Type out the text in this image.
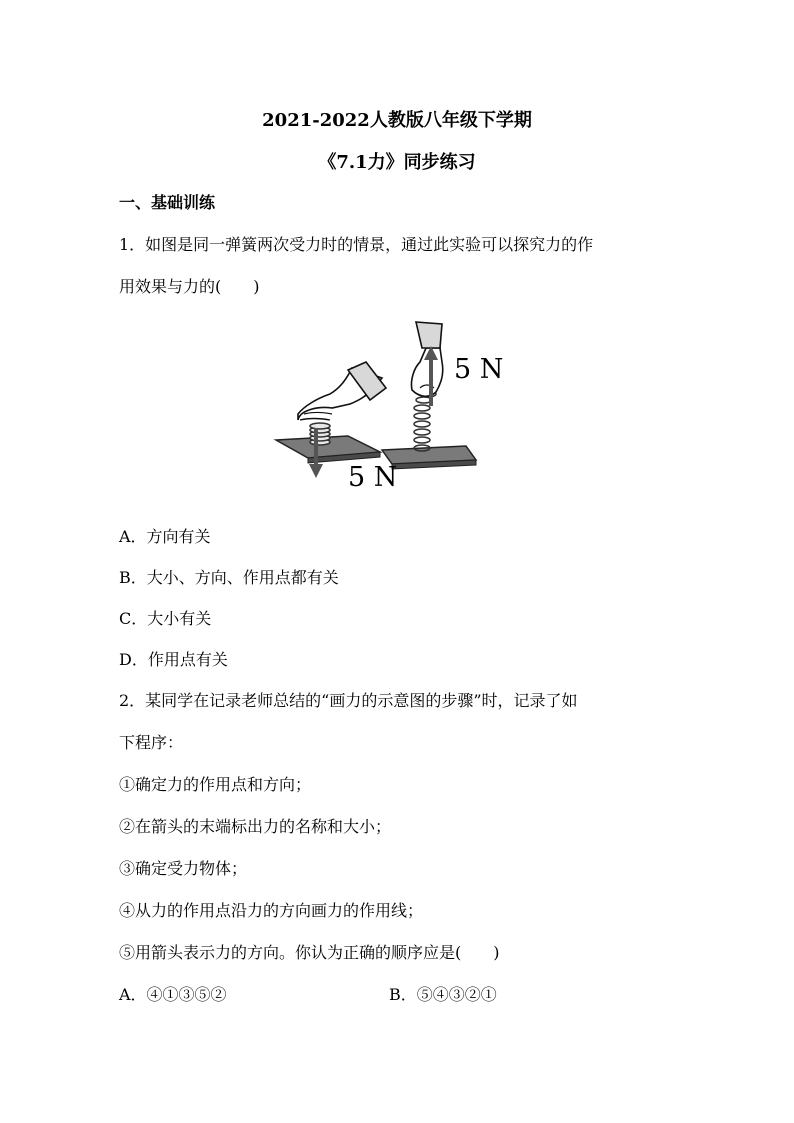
2021-2022人教版八年级下学期
《7.1力》同步练习
一、基础训练
1．如图是同一弹簧两次受力时的情景，通过此实验可以探究力的作
用效果与力的(　　)
5 N
5 N
A．方向有关
B．大小、方向、作用点都有关
C．大小有关
D．作用点有关
2．某同学在记录老师总结的“画力的示意图的步骤”时，记录了如
下程序：
①确定力的作用点和方向；
②在箭头的末端标出力的名称和大小；
③确定受力物体；
④从力的作用点沿力的方向画力的作用线；
⑤用箭头表示力的方向。你认为正确的顺序应是(　　)
A．④①③⑤②	B．⑤④③②①
